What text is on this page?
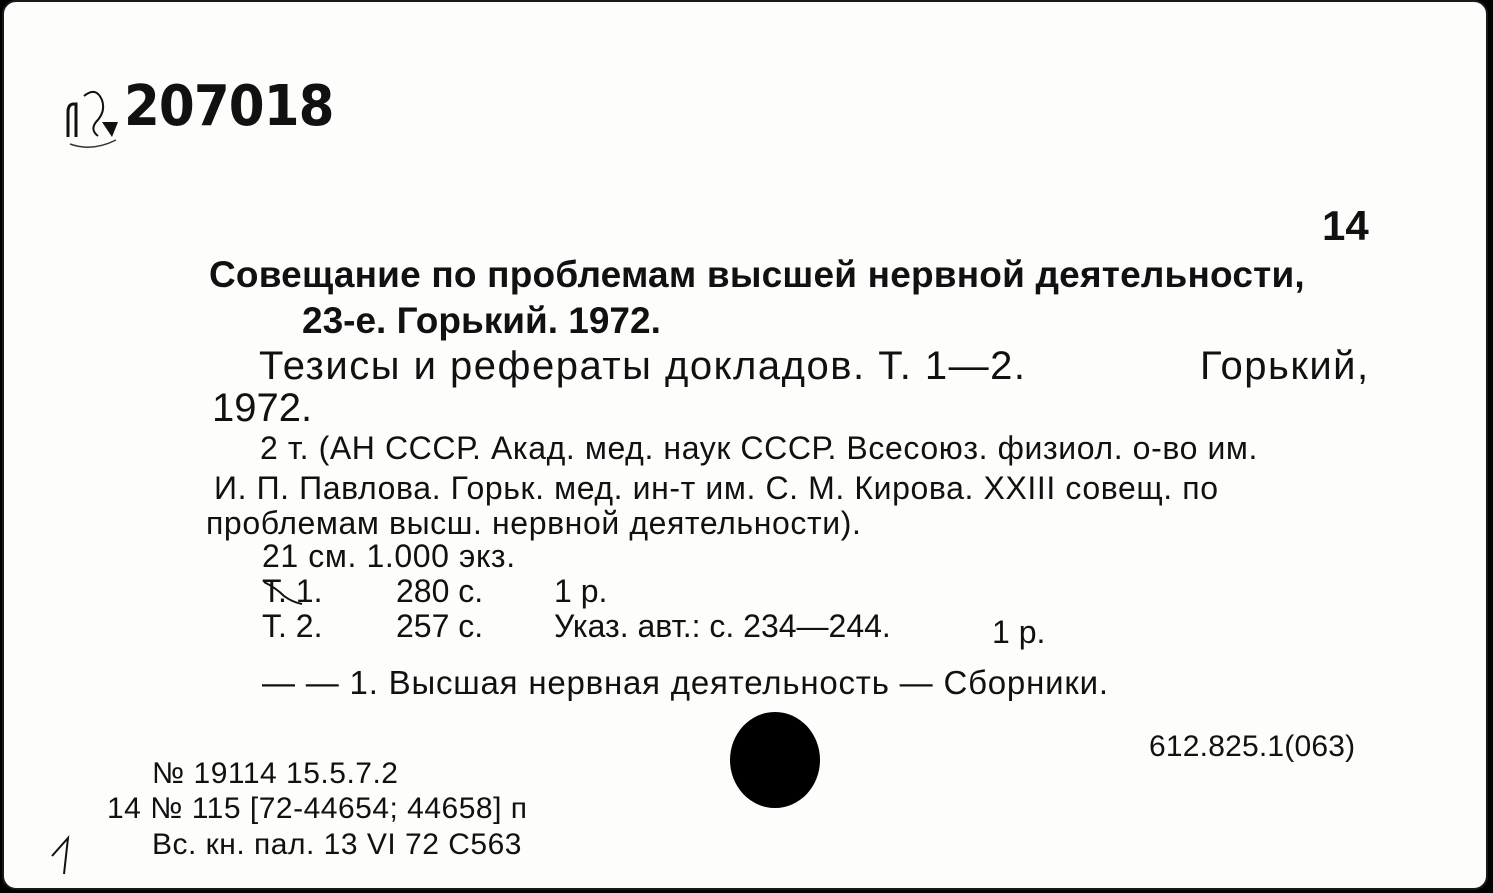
207018
14
Совещание по проблемам высшей нервной деятельности,
23-е. Горький. 1972.
Тезисы и рефераты докладов. Т. 1—2.	Горький,
1972.
2 т. (АН СССР. Акад. мед. наук СССР. Всесоюз. физиол. о-во им.
И. П. Павлова. Горьк. мед. ин-т им. С. М. Кирова. XXIII совещ. по
проблемам высш. нервной деятельности).
21 см. 1.000 экз.
Т. 1. 280 с. 1 р.
Т. 2. 257 с. Указ. авт.: с. 234—244.	1 р.
— — 1. Высшая нервная деятельность — Сборники.
612.825.1(063)
№ 19114 15.5.7.2
14 № 115 [72-44654; 44658] п
Вс. кн. пал. 13 VI 72 С563
